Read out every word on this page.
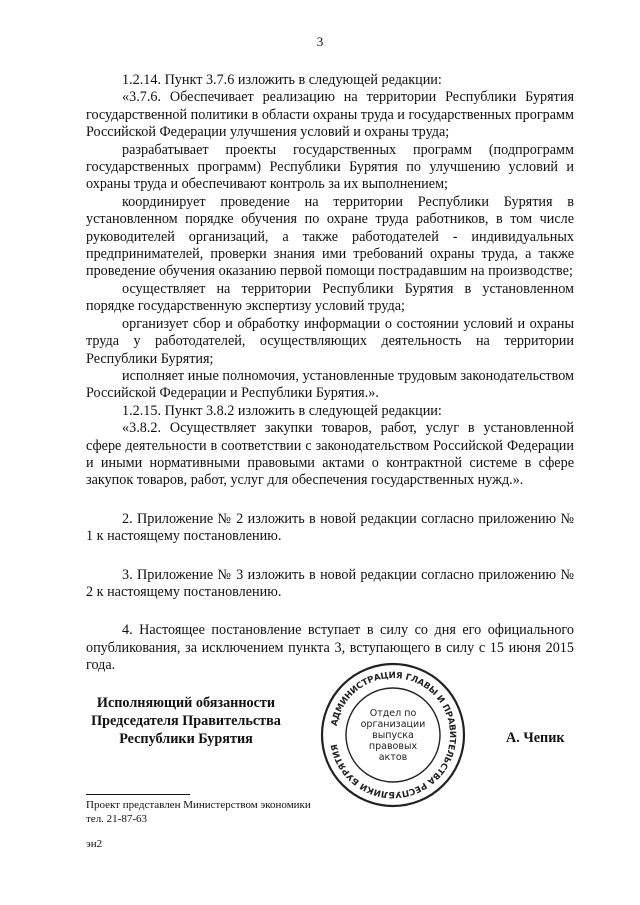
3

1.2.14. Пункт 3.7.6 изложить в следующей редакции:

«3.7.6. Обеспечивает реализацию на территории Республики Бурятия государственной политики в области охраны труда и государственных программ Российской Федерации улучшения условий и охраны труда;

разрабатывает проекты государственных программ (подпрограмм государственных программ) Республики Бурятия по улучшению условий и охраны труда и обеспечивают контроль за их выполнением;

координирует проведение на территории Республики Бурятия в установленном порядке обучения по охране труда работников, в том числе руководителей организаций, а также работодателей - индивидуальных предпринимателей, проверки знания ими требований охраны труда, а также проведение обучения оказанию первой помощи пострадавшим на производстве;

осуществляет на территории Республики Бурятия в установленном порядке государственную экспертизу условий труда;

организует сбор и обработку информации о состоянии условий и охраны труда у работодателей, осуществляющих деятельность на территории Республики Бурятия;

исполняет иные полномочия, установленные трудовым законодательством Российской Федерации и Республики Бурятия.».

1.2.15. Пункт 3.8.2 изложить в следующей редакции:

«3.8.2. Осуществляет закупки товаров, работ, услуг в установленной сфере деятельности в соответствии с законодательством Российской Федерации и иными нормативными правовыми актами о контрактной системе в сфере закупок товаров, работ, услуг для обеспечения государственных нужд.».

2. Приложение № 2 изложить в новой редакции согласно приложению № 1 к настоящему постановлению.

3. Приложение № 3 изложить в новой редакции согласно приложению № 2 к настоящему постановлению.

4. Настоящее постановление вступает в силу со дня его официального опубликования, за исключением пункта 3, вступающего в силу с 15 июня 2015 года.

Исполняющий обязанности
Председателя Правительства
Республики Бурятия
АДМИНИСТРАЦИЯ ГЛАВЫ И ПРАВИТЕЛЬСТВА РЕСПУБЛИКИ БУРЯТИЯ
Отдел по
организации
выпуска
правовых
актов
А. Чепик
Проект представлен Министерством экономики
тел. 21-87-63
эн2
